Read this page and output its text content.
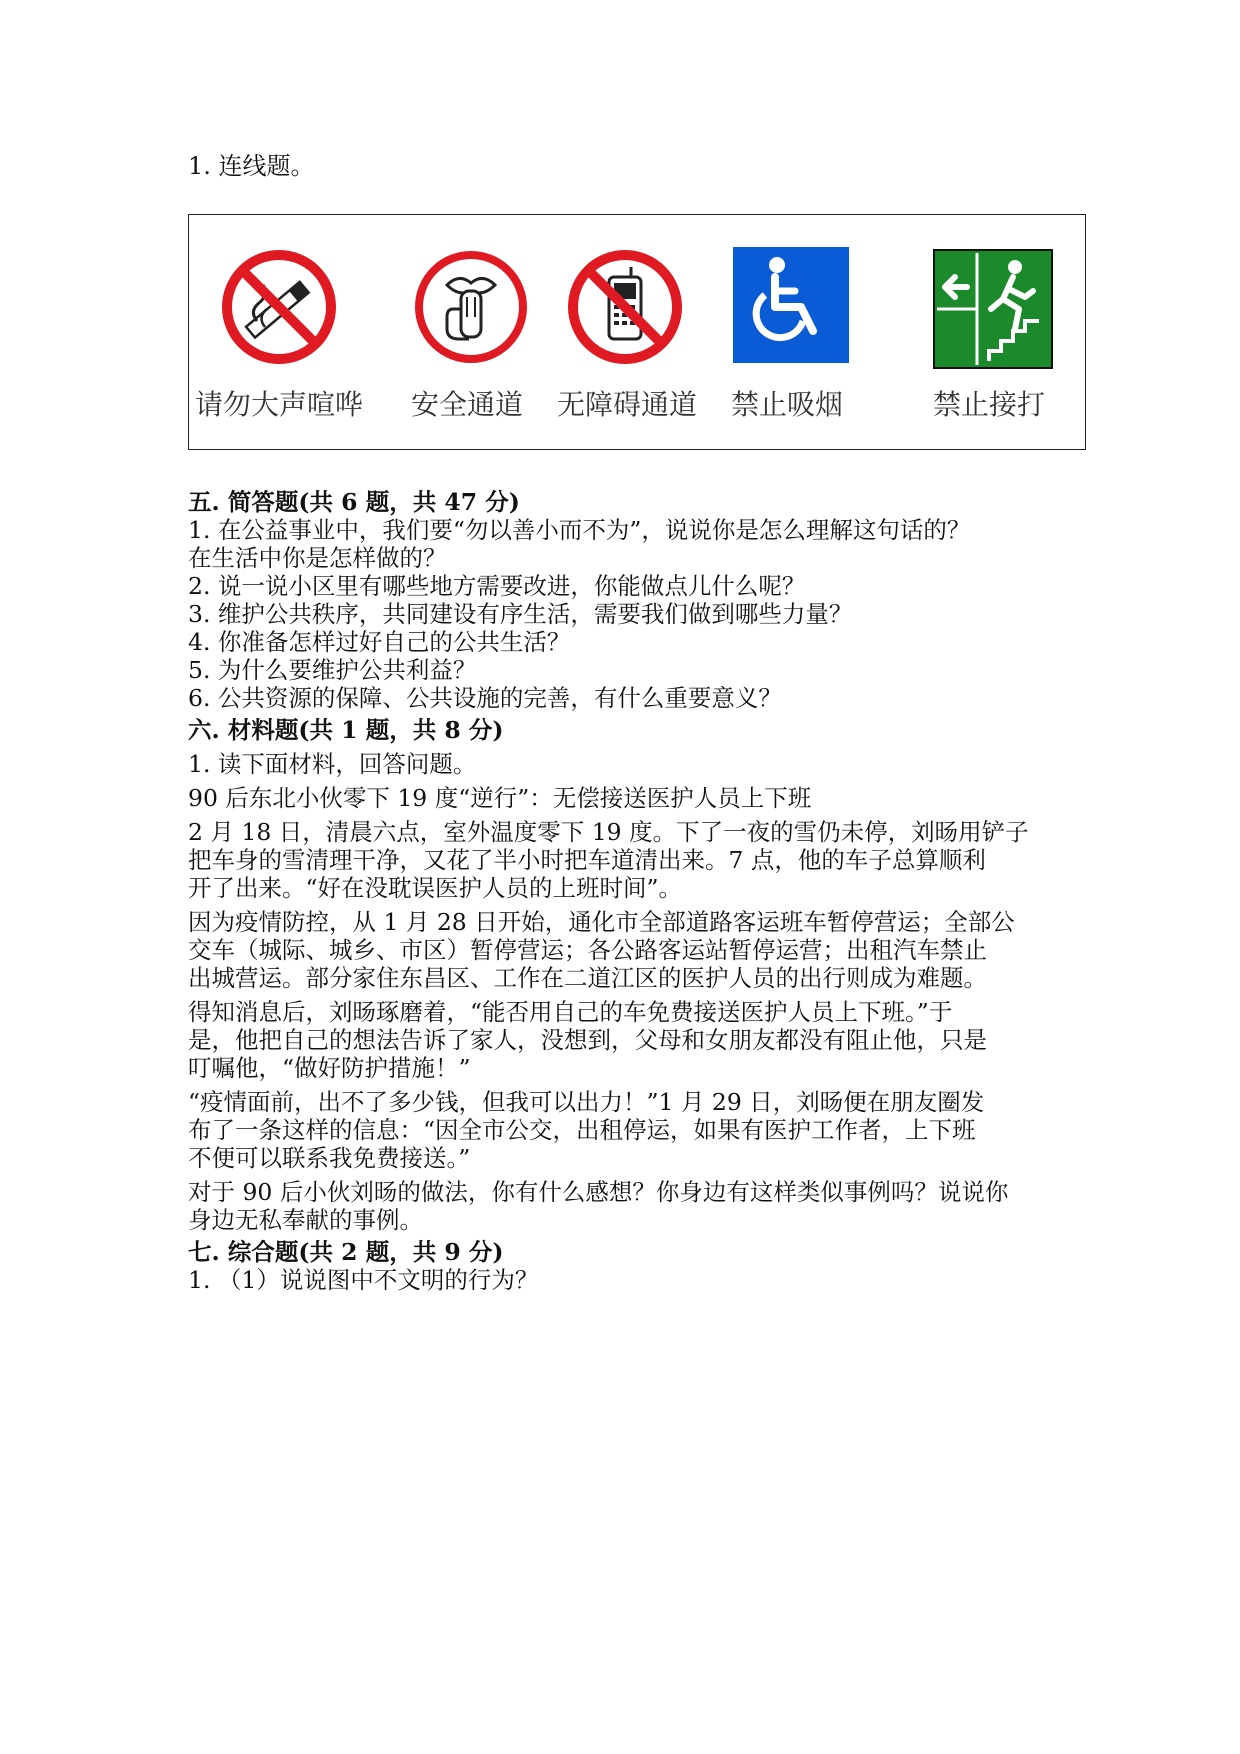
1. 连线题。
请勿大声喧哗 安全通道 无障碍通道 禁止吸烟	禁止接打

五. 简答题(共 6 题，共 47 分)

1. 在公益事业中，我们要“勿以善小而不为”，说说你是怎么理解这句话的？

在生活中你是怎样做的？

2. 说一说小区里有哪些地方需要改进，你能做点儿什么呢？

3. 维护公共秩序，共同建设有序生活，需要我们做到哪些力量？

4. 你准备怎样过好自己的公共生活？

5. 为什么要维护公共利益？

6. 公共资源的保障、公共设施的完善，有什么重要意义？

六. 材料题(共 1 题，共 8 分)

1. 读下面材料，回答问题。

90 后东北小伙零下 19 度“逆行”：无偿接送医护人员上下班

2 月 18 日，清晨六点，室外温度零下 19 度。下了一夜的雪仍未停，刘旸用铲子

把车身的雪清理干净，又花了半小时把车道清出来。7 点，他的车子总算顺利

开了出来。“好在没耽误医护人员的上班时间”。

因为疫情防控，从 1 月 28 日开始，通化市全部道路客运班车暂停营运；全部公

交车（城际、城乡、市区）暂停营运；各公路客运站暂停运营；出租汽车禁止

出城营运。部分家住东昌区、工作在二道江区的医护人员的出行则成为难题。

得知消息后，刘旸琢磨着，“能否用自己的车免费接送医护人员上下班。”于

是，他把自己的想法告诉了家人，没想到，父母和女朋友都没有阻止他，只是

叮嘱他，“做好防护措施！”

“疫情面前，出不了多少钱，但我可以出力！”1 月 29 日，刘旸便在朋友圈发

布了一条这样的信息：“因全市公交，出租停运，如果有医护工作者，上下班

不便可以联系我免费接送。”

对于 90 后小伙刘旸的做法，你有什么感想？你身边有这样类似事例吗？说说你

身边无私奉献的事例。

七. 综合题(共 2 题，共 9 分)

1. （1）说说图中不文明的行为？
